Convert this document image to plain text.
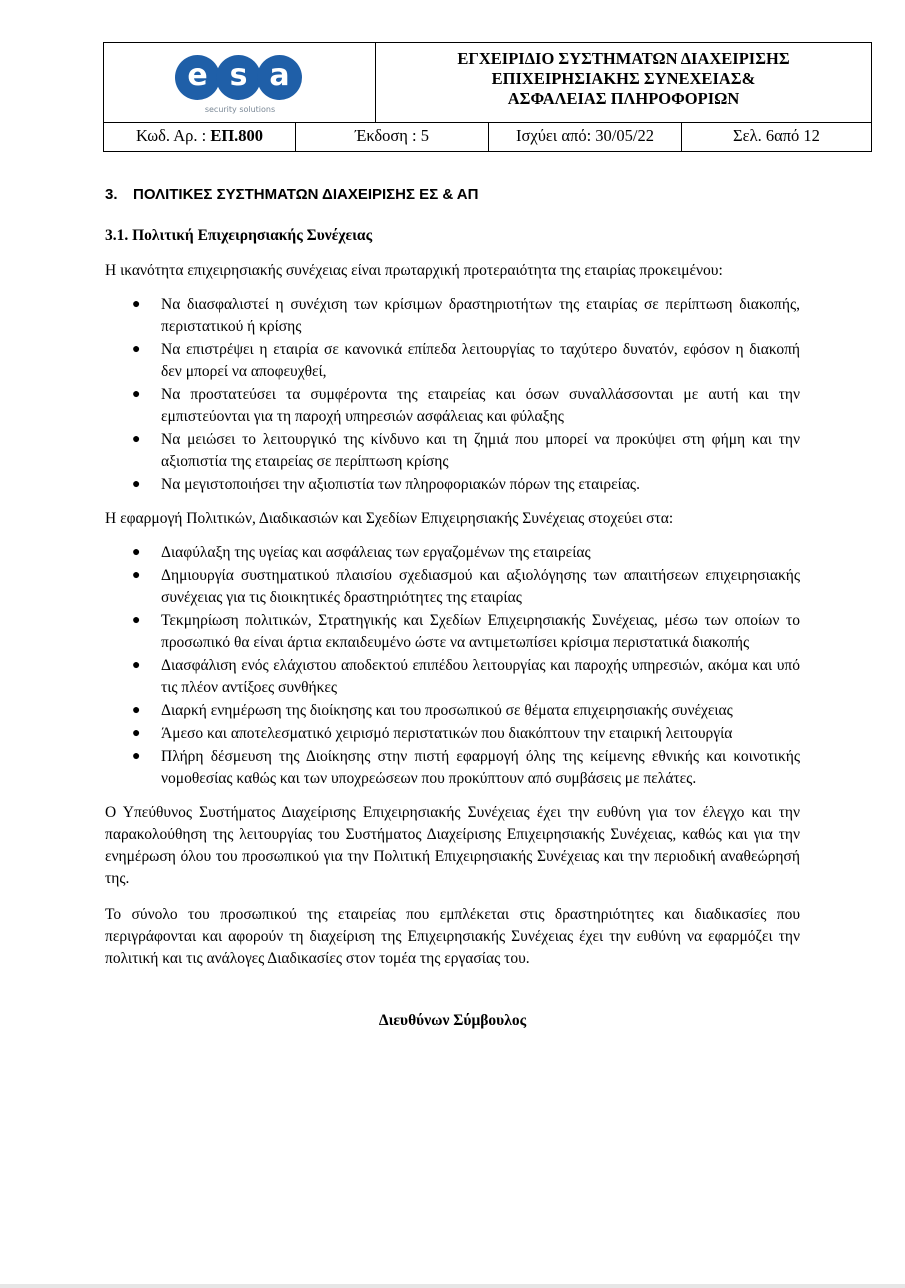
e s a
security solutions
ΕΓΧΕΙΡΙΔΙΟ ΣΥΣΤΗΜΑΤΩΝ ΔΙΑΧΕΙΡΙΣΗΣ
ΕΠΙΧΕΙΡΗΣΙΑΚΗΣ ΣΥΝΕΧΕΙΑΣ&
ΑΣΦΑΛΕΙΑΣ ΠΛΗΡΟΦΟΡΙΩΝ
Κωδ. Αρ. : ΕΠ.800	Έκδοση : 5	Ισχύει από: 30/05/22	Σελ. 6από 12
3. ΠΟΛΙΤΙΚΕΣ ΣΥΣΤΗΜΑΤΩΝ ΔΙΑΧΕΙΡΙΣΗΣ ΕΣ & ΑΠ
3.1. Πολιτική Επιχειρησιακής Συνέχειας

Η ικανότητα επιχειρησιακής συνέχειας είναι πρωταρχική προτεραιότητα της εταιρίας προκειμένου:

● Να διασφαλιστεί η συνέχιση των κρίσιμων δραστηριοτήτων της εταιρίας σε περίπτωση διακοπής, περιστατικού ή κρίσης
● Να επιστρέψει η εταιρία σε κανονικά επίπεδα λειτουργίας το ταχύτερο δυνατόν, εφόσον η διακοπή δεν μπορεί να αποφευχθεί,
● Να προστατεύσει τα συμφέροντα της εταιρείας και όσων συναλλάσσονται με αυτή και την εμπιστεύονται για τη παροχή υπηρεσιών ασφάλειας και φύλαξης
● Να μειώσει το λειτουργικό της κίνδυνο και τη ζημιά που μπορεί να προκύψει στη φήμη και την αξιοπιστία της εταιρείας σε περίπτωση κρίσης
● Να μεγιστοποιήσει την αξιοπιστία των πληροφοριακών πόρων της εταιρείας.

Η εφαρμογή Πολιτικών, Διαδικασιών και Σχεδίων Επιχειρησιακής Συνέχειας στοχεύει στα:

● Διαφύλαξη της υγείας και ασφάλειας των εργαζομένων της εταιρείας
● Δημιουργία συστηματικού πλαισίου σχεδιασμού και αξιολόγησης των απαιτήσεων επιχειρησιακής συνέχειας για τις διοικητικές δραστηριότητες της εταιρίας
● Τεκμηρίωση πολιτικών, Στρατηγικής και Σχεδίων Επιχειρησιακής Συνέχειας, μέσω των οποίων το προσωπικό θα είναι άρτια εκπαιδευμένο ώστε να αντιμετωπίσει κρίσιμα περιστατικά διακοπής
● Διασφάλιση ενός ελάχιστου αποδεκτού επιπέδου λειτουργίας και παροχής υπηρεσιών, ακόμα και υπό τις πλέον αντίξοες συνθήκες
● Διαρκή ενημέρωση της διοίκησης και του προσωπικού σε θέματα επιχειρησιακής συνέχειας
● Άμεσο και αποτελεσματικό χειρισμό περιστατικών που διακόπτουν την εταιρική λειτουργία
● Πλήρη δέσμευση της Διοίκησης στην πιστή εφαρμογή όλης της κείμενης εθνικής και κοινοτικής νομοθεσίας καθώς και των υποχρεώσεων που προκύπτουν από συμβάσεις με πελάτες.

Ο Υπεύθυνος Συστήματος Διαχείρισης Επιχειρησιακής Συνέχειας έχει την ευθύνη για τον έλεγχο και την παρακολούθηση της λειτουργίας του Συστήματος Διαχείρισης Επιχειρησιακής Συνέχειας, καθώς και για την ενημέρωση όλου του προσωπικού για την Πολιτική Επιχειρησιακής Συνέχειας και την περιοδική αναθεώρησή της.

Το σύνολο του προσωπικού της εταιρείας που εμπλέκεται στις δραστηριότητες και διαδικασίες που περιγράφονται και αφορούν τη διαχείριση της Επιχειρησιακής Συνέχειας έχει την ευθύνη να εφαρμόζει την πολιτική και τις ανάλογες Διαδικασίες στον τομέα της εργασίας του.

Διευθύνων Σύμβουλος
